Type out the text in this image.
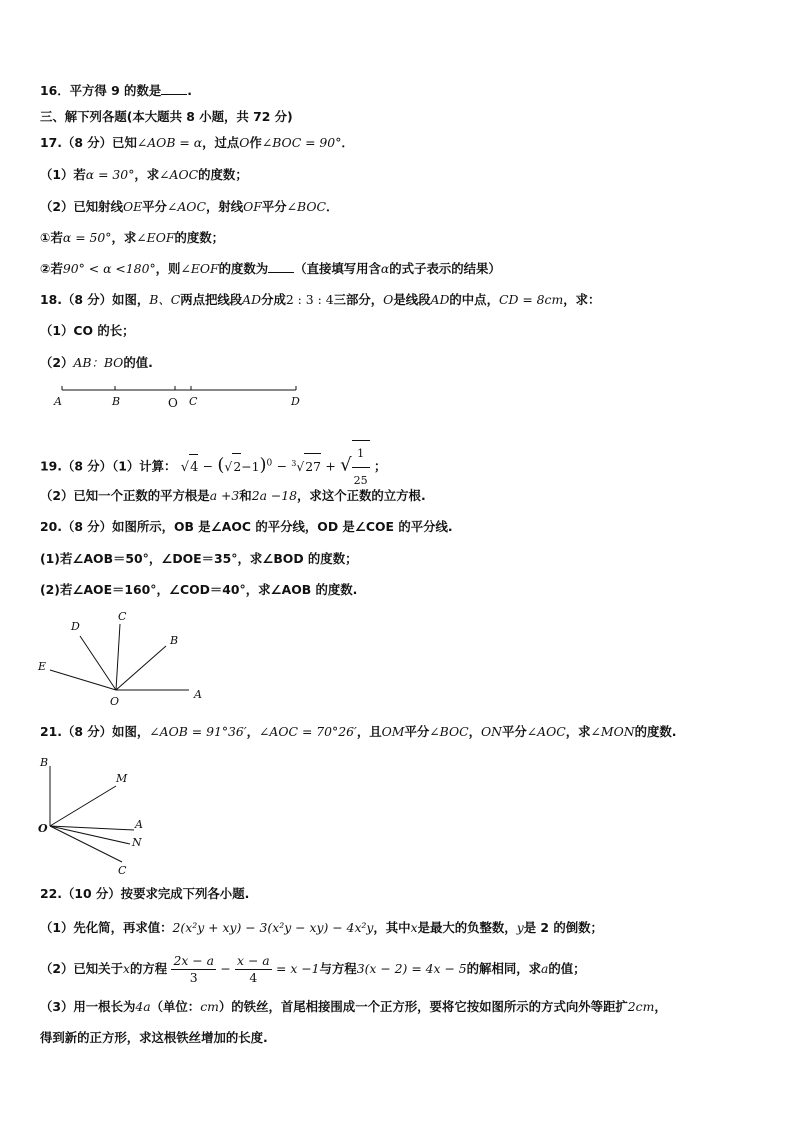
16．平方得 9 的数是 .
三、解下列各题(本大题共 8 小题，共 72 分)
17.（8 分）已知∠AOB = α，过点O作∠BOC = 90°．
（1）若α = 30°，求∠AOC的度数；
（2）已知射线OE平分∠AOC，射线OF平分∠BOC．
①若α = 50°，求∠EOF的度数；
②若90° < α <180°，则∠EOF的度数为 （直接填写用含α的式子表示的结果）
18.（8 分）如图，B、C两点把线段AD分成2 : 3 : 4三部分，O是线段AD的中点，CD = 8cm，求：
（1）CO 的长；
（2）AB：BO的值.
A	B	O C	D
19.（8 分）（1）计算： $√4 - (√2-1)^0 - ^3√27$ + √ $\frac{1}{25}$ ；
（2）已知一个正数的平方根是a +3和2a −18，求这个正数的立方根.
20.（8 分）如图所示，OB 是∠AOC 的平分线，OD 是∠COE 的平分线.
(1)若∠AOB＝50°，∠DOE＝35°，求∠BOD 的度数；
(2)若∠AOE＝160°，∠COD＝40°，求∠AOB 的度数.
C
D
B
E
O
A
21.（8 分）如图，∠AOB = 91°36′，∠AOC = 70°26′，且OM平分∠BOC，ON平分∠AOC，求∠MON的度数.
B
M
O	A
N
C
22.（10 分）按要求完成下列各小题.
（1）先化简，再求值：2(x²y + xy) − 3(x²y − xy) − 4x²y，其中x是最大的负整数，y是 2 的倒数；
（2）已知关于x的方程 $\frac{2x - a}{3} - \frac{x - a}{4} = x -1$与方程3(x − 2) = 4x − 5的解相同，求a的值；
（3）用一根长为4a（单位：cm）的铁丝，首尾相接围成一个正方形，要将它按如图所示的方式向外等距扩2cm，
得到新的正方形，求这根铁丝增加的长度.
